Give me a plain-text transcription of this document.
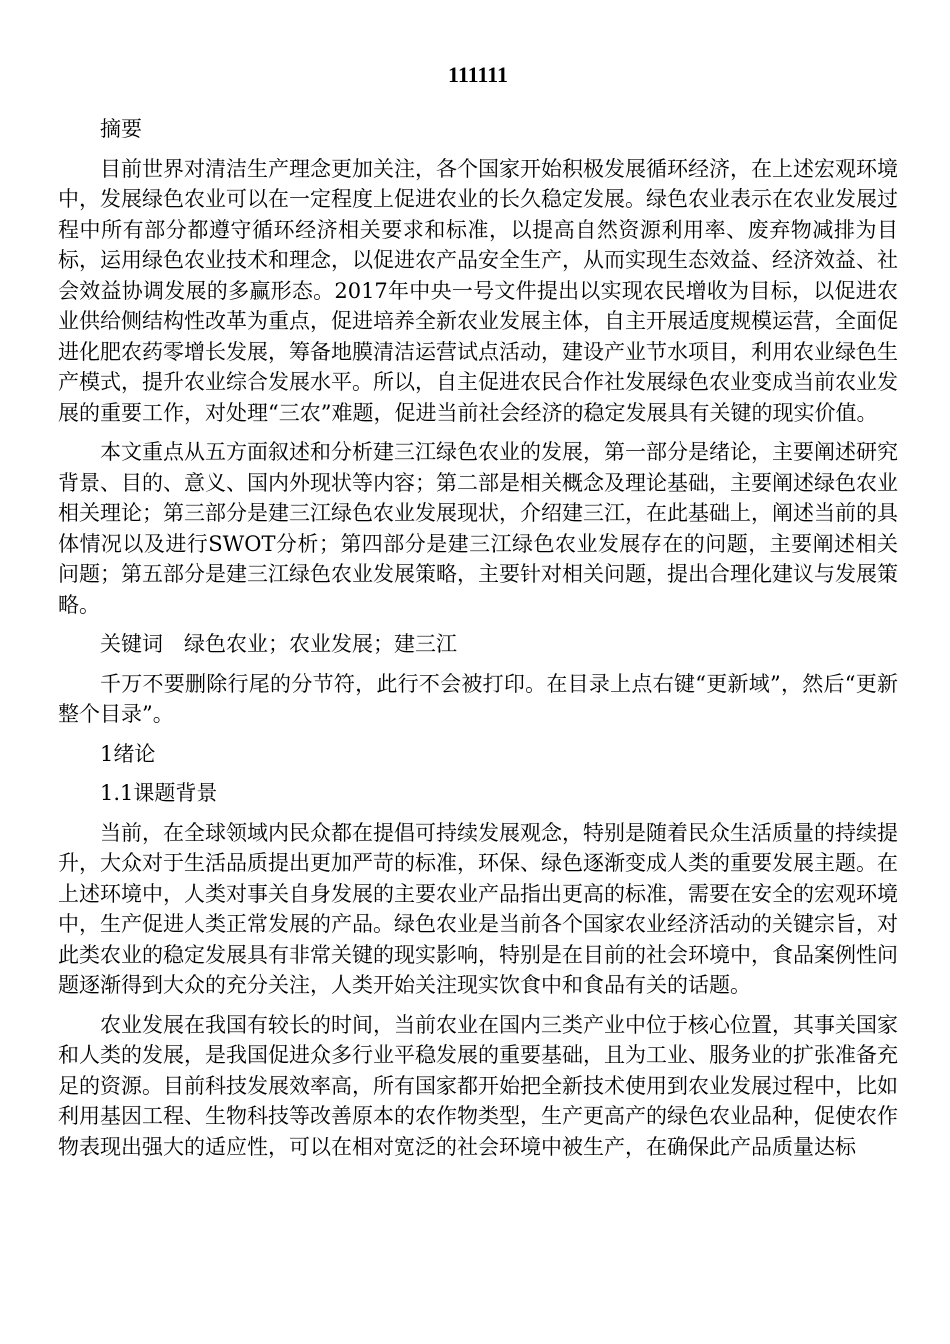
111111

摘要

目前世界对清洁生产理念更加关注，各个国家开始积极发展循环经济，在上述宏观环境中，发展绿色农业可以在一定程度上促进农业的长久稳定发展。绿色农业表示在农业发展过程中所有部分都遵守循环经济相关要求和标准，以提高自然资源利用率、废弃物减排为目标，运用绿色农业技术和理念，以促进农产品安全生产，从而实现生态效益、经济效益、社会效益协调发展的多赢形态。2017年中央一号文件提出以实现农民增收为目标，以促进农业供给侧结构性改革为重点，促进培养全新农业发展主体，自主开展适度规模运营，全面促进化肥农药零增长发展，筹备地膜清洁运营试点活动，建设产业节水项目，利用农业绿色生产模式，提升农业综合发展水平。所以，自主促进农民合作社发展绿色农业变成当前农业发展的重要工作，对处理“三农”难题，促进当前社会经济的稳定发展具有关键的现实价值。

本文重点从五方面叙述和分析建三江绿色农业的发展，第一部分是绪论，主要阐述研究背景、目的、意义、国内外现状等内容；第二部是相关概念及理论基础，主要阐述绿色农业相关理论；第三部分是建三江绿色农业发展现状，介绍建三江，在此基础上，阐述当前的具体情况以及进行SWOT分析；第四部分是建三江绿色农业发展存在的问题，主要阐述相关问题；第五部分是建三江绿色农业发展策略，主要针对相关问题，提出合理化建议与发展策略。

关键词 绿色农业；农业发展；建三江

千万不要删除行尾的分节符，此行不会被打印。在目录上点右键“更新域”，然后“更新整个目录”。

1绪论

1.1课题背景

当前，在全球领域内民众都在提倡可持续发展观念，特别是随着民众生活质量的持续提升，大众对于生活品质提出更加严苛的标准，环保、绿色逐渐变成人类的重要发展主题。在上述环境中，人类对事关自身发展的主要农业产品指出更高的标准，需要在安全的宏观环境中，生产促进人类正常发展的产品。绿色农业是当前各个国家农业经济活动的关键宗旨，对此类农业的稳定发展具有非常关键的现实影响，特别是在目前的社会环境中，食品案例性问题逐渐得到大众的充分关注，人类开始关注现实饮食中和食品有关的话题。

农业发展在我国有较长的时间，当前农业在国内三类产业中位于核心位置，其事关国家和人类的发展，是我国促进众多行业平稳发展的重要基础，且为工业、服务业的扩张准备充足的资源。目前科技发展效率高，所有国家都开始把全新技术使用到农业发展过程中，比如利用基因工程、生物科技等改善原本的农作物类型，生产更高产的绿色农业品种，促使农作物表现出强大的适应性，可以在相对宽泛的社会环境中被生产，在确保此产品质量达标
